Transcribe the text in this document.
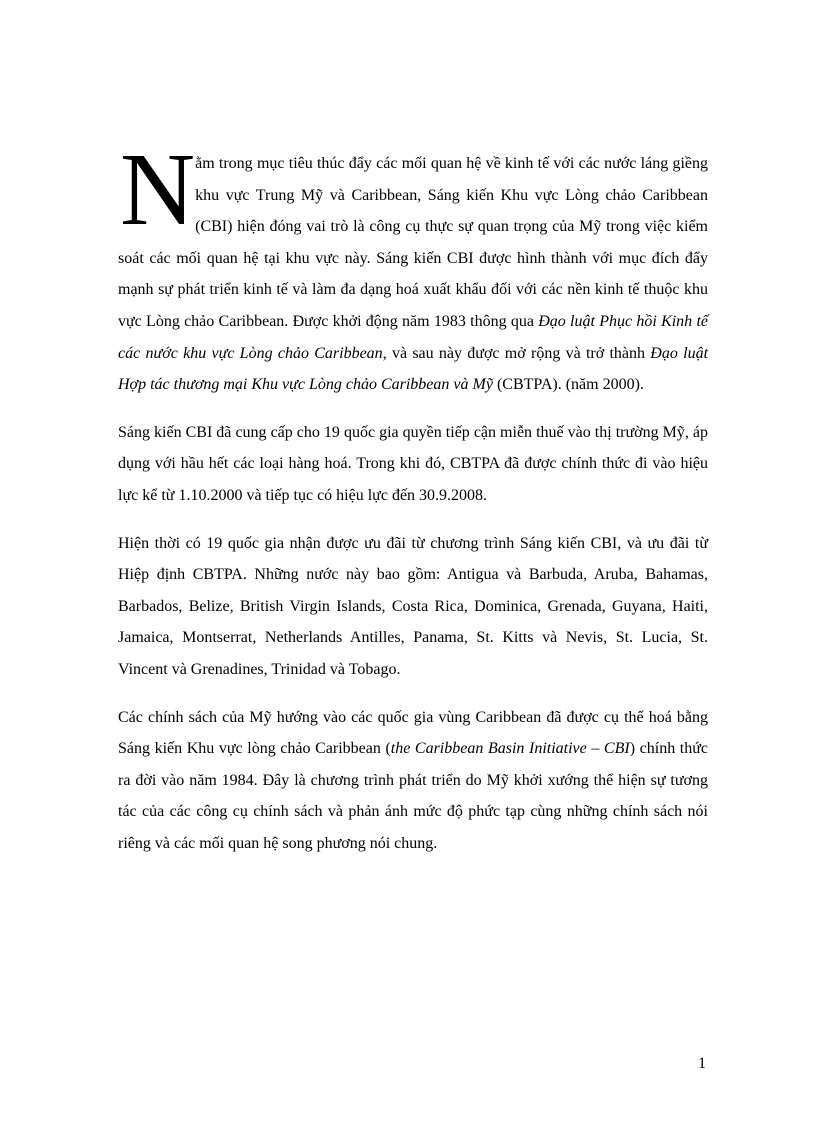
Nằm trong mục tiêu thúc đẩy các mối quan hệ về kinh tế với các nước láng giềng khu vực Trung Mỹ và Caribbean, Sáng kiến Khu vực Lòng chảo Caribbean (CBI) hiện đóng vai trò là công cụ thực sự quan trọng của Mỹ trong việc kiểm soát các mối quan hệ tại khu vực này. Sáng kiến CBI được hình thành với mục đích đẩy mạnh sự phát triển kinh tế và làm đa dạng hoá xuất khẩu đối với các nền kinh tế thuộc khu vực Lòng chảo Caribbean. Được khởi động năm 1983 thông qua Đạo luật Phục hồi Kinh tế các nước khu vực Lòng chảo Caribbean, và sau này được mở rộng và trở thành Đạo luật Hợp tác thương mại Khu vực Lòng chảo Caribbean và Mỹ (CBTPA). (năm 2000).

Sáng kiến CBI đã cung cấp cho 19 quốc gia quyền tiếp cận miễn thuế vào thị trường Mỹ, áp dụng với hầu hết các loại hàng hoá. Trong khi đó, CBTPA đã được chính thức đi vào hiệu lực kể từ 1.10.2000 và tiếp tục có hiệu lực đến 30.9.2008.

Hiện thời có 19 quốc gia nhận được ưu đãi từ chương trình Sáng kiến CBI, và ưu đãi từ Hiệp định CBTPA. Những nước này bao gồm: Antigua và Barbuda, Aruba, Bahamas, Barbados, Belize, British Virgin Islands, Costa Rica, Dominica, Grenada, Guyana, Haiti, Jamaica, Montserrat, Netherlands Antilles, Panama, St. Kitts và Nevis, St. Lucia, St. Vincent và Grenadines, Trinidad và Tobago.

Các chính sách của Mỹ hướng vào các quốc gia vùng Caribbean đã được cụ thể hoá bằng Sáng kiến Khu vực lòng chảo Caribbean (the Caribbean Basin Initiative – CBI) chính thức ra đời vào năm 1984. Đây là chương trình phát triển do Mỹ khởi xướng thể hiện sự tương tác của các công cụ chính sách và phản ánh mức độ phức tạp cùng những chính sách nói riêng và các mối quan hệ song phương nói chung.

1
